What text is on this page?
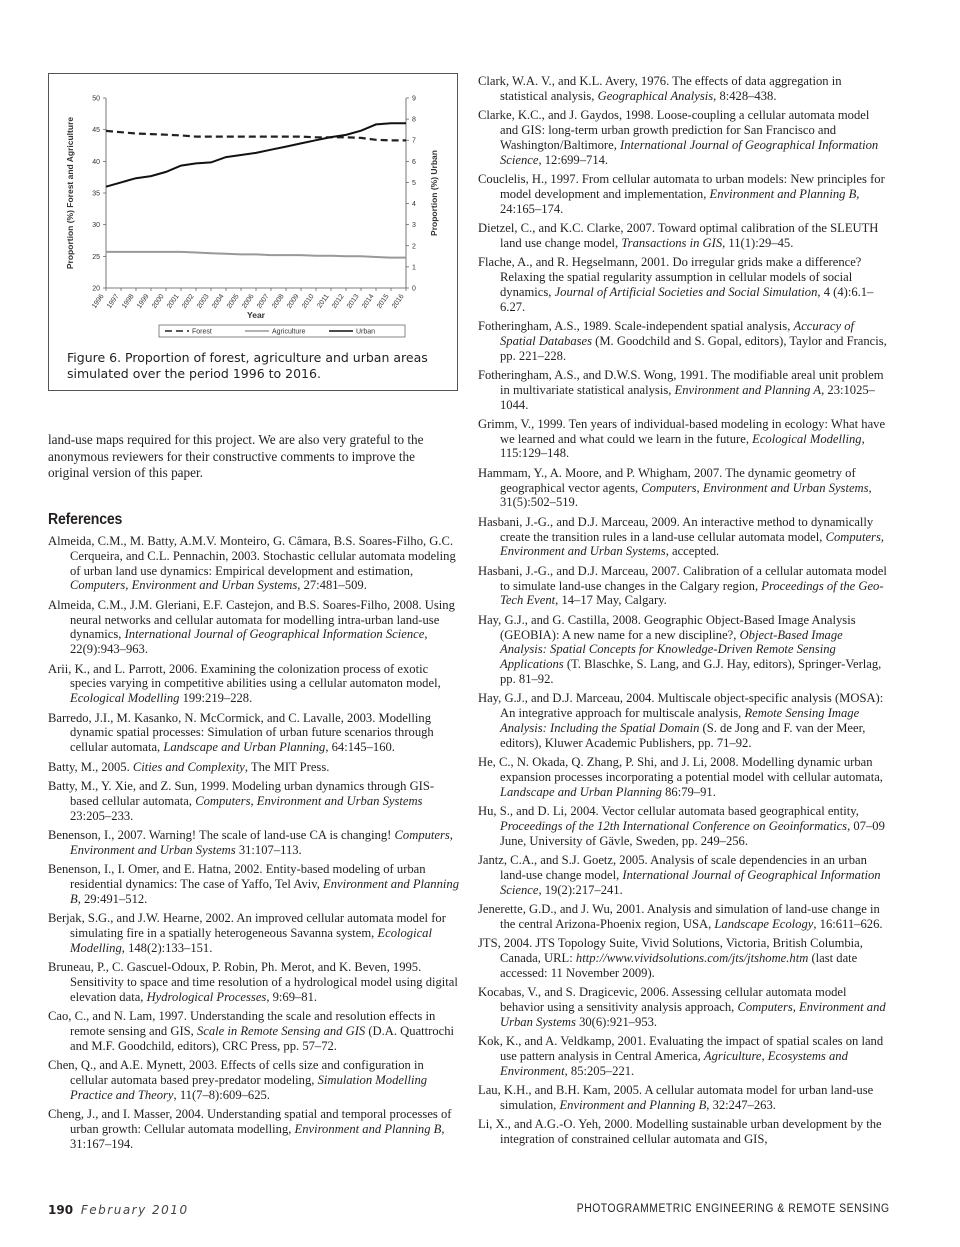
20
25
30
35
40
45
50
0
1
2
3
4
5
6
7
8
9
1996 1997 1998 1999 2000 2001 2002 2003 2004 2005 2006 2007 2008 2009 2010 2011 2012 2013 2014 2015 2016
Year
Proportion (%) Forest and Agriculture	Proportion (%) Urban
Forest	Agriculture	Urban
Figure 6. Proportion of forest, agriculture and urban areas simulated over the period 1996 to 2016.
land-use maps required for this project. We are also very grateful to the anonymous reviewers for their constructive comments to improve the original version of this paper.
References

Almeida, C.M., M. Batty, A.M.V. Monteiro, G. Câmara, B.S. Soares-Filho, G.C. Cerqueira, and C.L. Pennachin, 2003. Stochastic cellular automata modeling of urban land use dynamics: Empirical development and estimation, Computers, Environment and Urban Systems, 27:481–509.

Almeida, C.M., J.M. Gleriani, E.F. Castejon, and B.S. Soares-Filho, 2008. Using neural networks and cellular automata for modelling intra-urban land-use dynamics, International Journal of Geographical Information Science, 22(9):943–963.

Arii, K., and L. Parrott, 2006. Examining the colonization process of exotic species varying in competitive abilities using a cellular automaton model, Ecological Modelling 199:219–228.

Barredo, J.I., M. Kasanko, N. McCormick, and C. Lavalle, 2003. Modelling dynamic spatial processes: Simulation of urban future scenarios through cellular automata, Landscape and Urban Planning, 64:145–160.

Batty, M., 2005. Cities and Complexity, The MIT Press.

Batty, M., Y. Xie, and Z. Sun, 1999. Modeling urban dynamics through GIS-based cellular automata, Computers, Environment and Urban Systems 23:205–233.

Benenson, I., 2007. Warning! The scale of land-use CA is changing! Computers, Environment and Urban Systems 31:107–113.

Benenson, I., I. Omer, and E. Hatna, 2002. Entity-based modeling of urban residential dynamics: The case of Yaffo, Tel Aviv, Environment and Planning B, 29:491–512.

Berjak, S.G., and J.W. Hearne, 2002. An improved cellular automata model for simulating fire in a spatially heterogeneous Savanna system, Ecological Modelling, 148(2):133–151.

Bruneau, P., C. Gascuel-Odoux, P. Robin, Ph. Merot, and K. Beven, 1995. Sensitivity to space and time resolution of a hydrological model using digital elevation data, Hydrological Processes, 9:69–81.

Cao, C., and N. Lam, 1997. Understanding the scale and resolution effects in remote sensing and GIS, Scale in Remote Sensing and GIS (D.A. Quattrochi and M.F. Goodchild, editors), CRC Press, pp. 57–72.

Chen, Q., and A.E. Mynett, 2003. Effects of cells size and configuration in cellular automata based prey-predator modeling, Simulation Modelling Practice and Theory, 11(7–8):609–625.

Cheng, J., and I. Masser, 2004. Understanding spatial and temporal processes of urban growth: Cellular automata modelling, Environment and Planning B, 31:167–194.

Clark, W.A. V., and K.L. Avery, 1976. The effects of data aggregation in statistical analysis, Geographical Analysis, 8:428–438.

Clarke, K.C., and J. Gaydos, 1998. Loose-coupling a cellular automata model and GIS: long-term urban growth prediction for San Francisco and Washington/Baltimore, International Journal of Geographical Information Science, 12:699–714.

Couclelis, H., 1997. From cellular automata to urban models: New principles for model development and implementation, Environment and Planning B, 24:165–174.

Dietzel, C., and K.C. Clarke, 2007. Toward optimal calibration of the SLEUTH land use change model, Transactions in GIS, 11(1):29–45.

Flache, A., and R. Hegselmann, 2001. Do irregular grids make a difference? Relaxing the spatial regularity assumption in cellular models of social dynamics, Journal of Artificial Societies and Social Simulation, 4 (4):6.1–6.27.

Fotheringham, A.S., 1989. Scale-independent spatial analysis, Accuracy of Spatial Databases (M. Goodchild and S. Gopal, editors), Taylor and Francis, pp. 221–228.

Fotheringham, A.S., and D.W.S. Wong, 1991. The modifiable areal unit problem in multivariate statistical analysis, Environment and Planning A, 23:1025–1044.

Grimm, V., 1999. Ten years of individual-based modeling in ecology: What have we learned and what could we learn in the future, Ecological Modelling, 115:129–148.

Hammam, Y., A. Moore, and P. Whigham, 2007. The dynamic geometry of geographical vector agents, Computers, Environment and Urban Systems, 31(5):502–519.

Hasbani, J.-G., and D.J. Marceau, 2009. An interactive method to dynamically create the transition rules in a land-use cellular automata model, Computers, Environment and Urban Systems, accepted.

Hasbani, J.-G., and D.J. Marceau, 2007. Calibration of a cellular automata model to simulate land-use changes in the Calgary region, Proceedings of the Geo-Tech Event, 14–17 May, Calgary.

Hay, G.J., and G. Castilla, 2008. Geographic Object-Based Image Analysis (GEOBIA): A new name for a new discipline?, Object-Based Image Analysis: Spatial Concepts for Knowledge-Driven Remote Sensing Applications (T. Blaschke, S. Lang, and G.J. Hay, editors), Springer-Verlag, pp. 81–92.

Hay, G.J., and D.J. Marceau, 2004. Multiscale object-specific analysis (MOSA): An integrative approach for multiscale analysis, Remote Sensing Image Analysis: Including the Spatial Domain (S. de Jong and F. van der Meer, editors), Kluwer Academic Publishers, pp. 71–92.

He, C., N. Okada, Q. Zhang, P. Shi, and J. Li, 2008. Modelling dynamic urban expansion processes incorporating a potential model with cellular automata, Landscape and Urban Planning 86:79–91.

Hu, S., and D. Li, 2004. Vector cellular automata based geographical entity, Proceedings of the 12th International Conference on Geoinformatics, 07–09 June, University of Gävle, Sweden, pp. 249–256.

Jantz, C.A., and S.J. Goetz, 2005. Analysis of scale dependencies in an urban land-use change model, International Journal of Geographical Information Science, 19(2):217–241.

Jenerette, G.D., and J. Wu, 2001. Analysis and simulation of land-use change in the central Arizona-Phoenix region, USA, Landscape Ecology, 16:611–626.

JTS, 2004. JTS Topology Suite, Vivid Solutions, Victoria, British Columbia, Canada, URL: http://www.vividsolutions.com/jts/jtshome.htm (last date accessed: 11 November 2009).

Kocabas, V., and S. Dragicevic, 2006. Assessing cellular automata model behavior using a sensitivity analysis approach, Computers, Environment and Urban Systems 30(6):921–953.

Kok, K., and A. Veldkamp, 2001. Evaluating the impact of spatial scales on land use pattern analysis in Central America, Agriculture, Ecosystems and Environment, 85:205–221.

Lau, K.H., and B.H. Kam, 2005. A cellular automata model for urban land-use simulation, Environment and Planning B, 32:247–263.

Li, X., and A.G.-O. Yeh, 2000. Modelling sustainable urban development by the integration of constrained cellular automata and GIS,

190 February 2010	PHOTOGRAMMETRIC ENGINEERING & REMOTE SENSING
